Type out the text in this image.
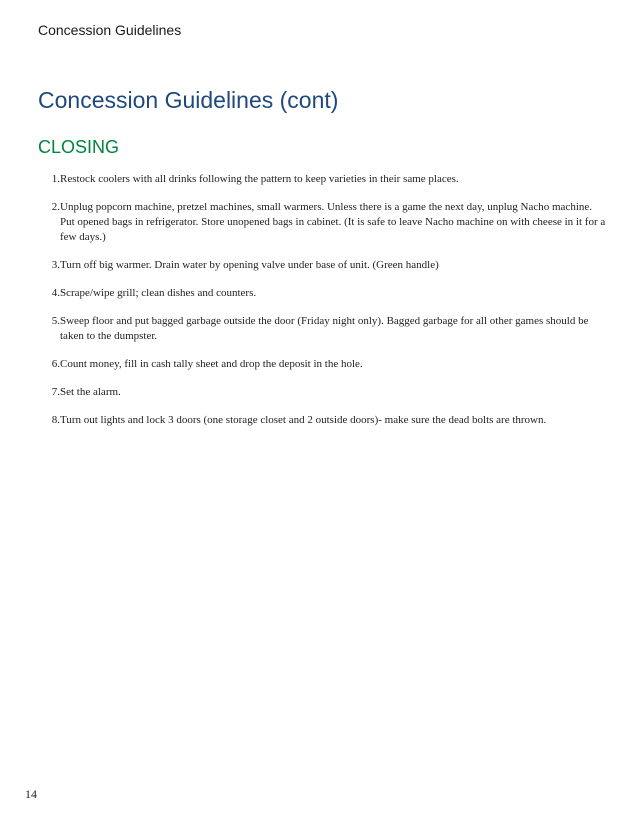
Concession Guidelines
Concession Guidelines (cont)
CLOSING
1. Restock coolers with all drinks following the pattern to keep varieties in their same places.
2. Unplug popcorn machine, pretzel machines, small warmers. Unless there is a game the next day, unplug Nacho machine. Put opened bags in refrigerator. Store unopened bags in cabinet. (It is safe to leave Nacho machine on with cheese in it for a few days.)
3. Turn off big warmer. Drain water by opening valve under base of unit. (Green handle)
4. Scrape/wipe grill; clean dishes and counters.
5. Sweep floor and put bagged garbage outside the door (Friday night only). Bagged garbage for all other games should be taken to the dumpster.
6. Count money, fill in cash tally sheet and drop the deposit in the hole.
7. Set the alarm.
8. Turn out lights and lock 3 doors (one storage closet and 2 outside doors)- make sure the dead bolts are thrown.
14
